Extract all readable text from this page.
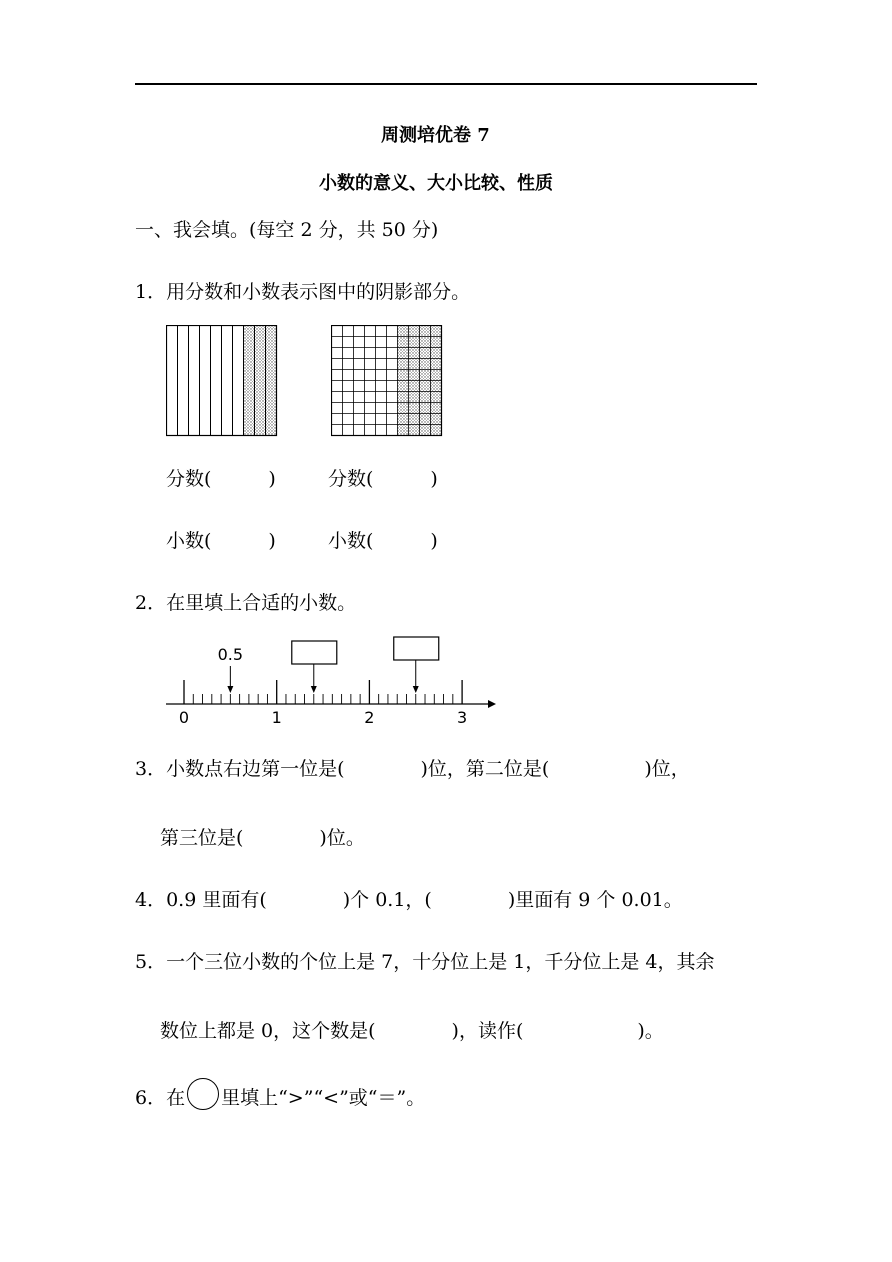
周测培优卷 7
小数的意义、大小比较、性质
一、我会填。(每空 2 分，共 50 分)
1．用分数和小数表示图中的阴影部分。
分数(　　　)	分数(　　　)
小数(　　　)	小数(　　　)
2．在里填上合适的小数。
0	1	2	3
0.5
3．小数点右边第一位是(　　　　)位，第二位是(　　　　　)位，
第三位是(　　　　)位。
4．0.9 里面有(　　　　)个 0.1，(　　　　)里面有 9 个 0.01。
5．一个三位小数的个位上是 7，十分位上是 1，千分位上是 4，其余
数位上都是 0，这个数是(　　　　)，读作(　　　　　　)。
6．在 里填上“>”“<”或“＝”。
